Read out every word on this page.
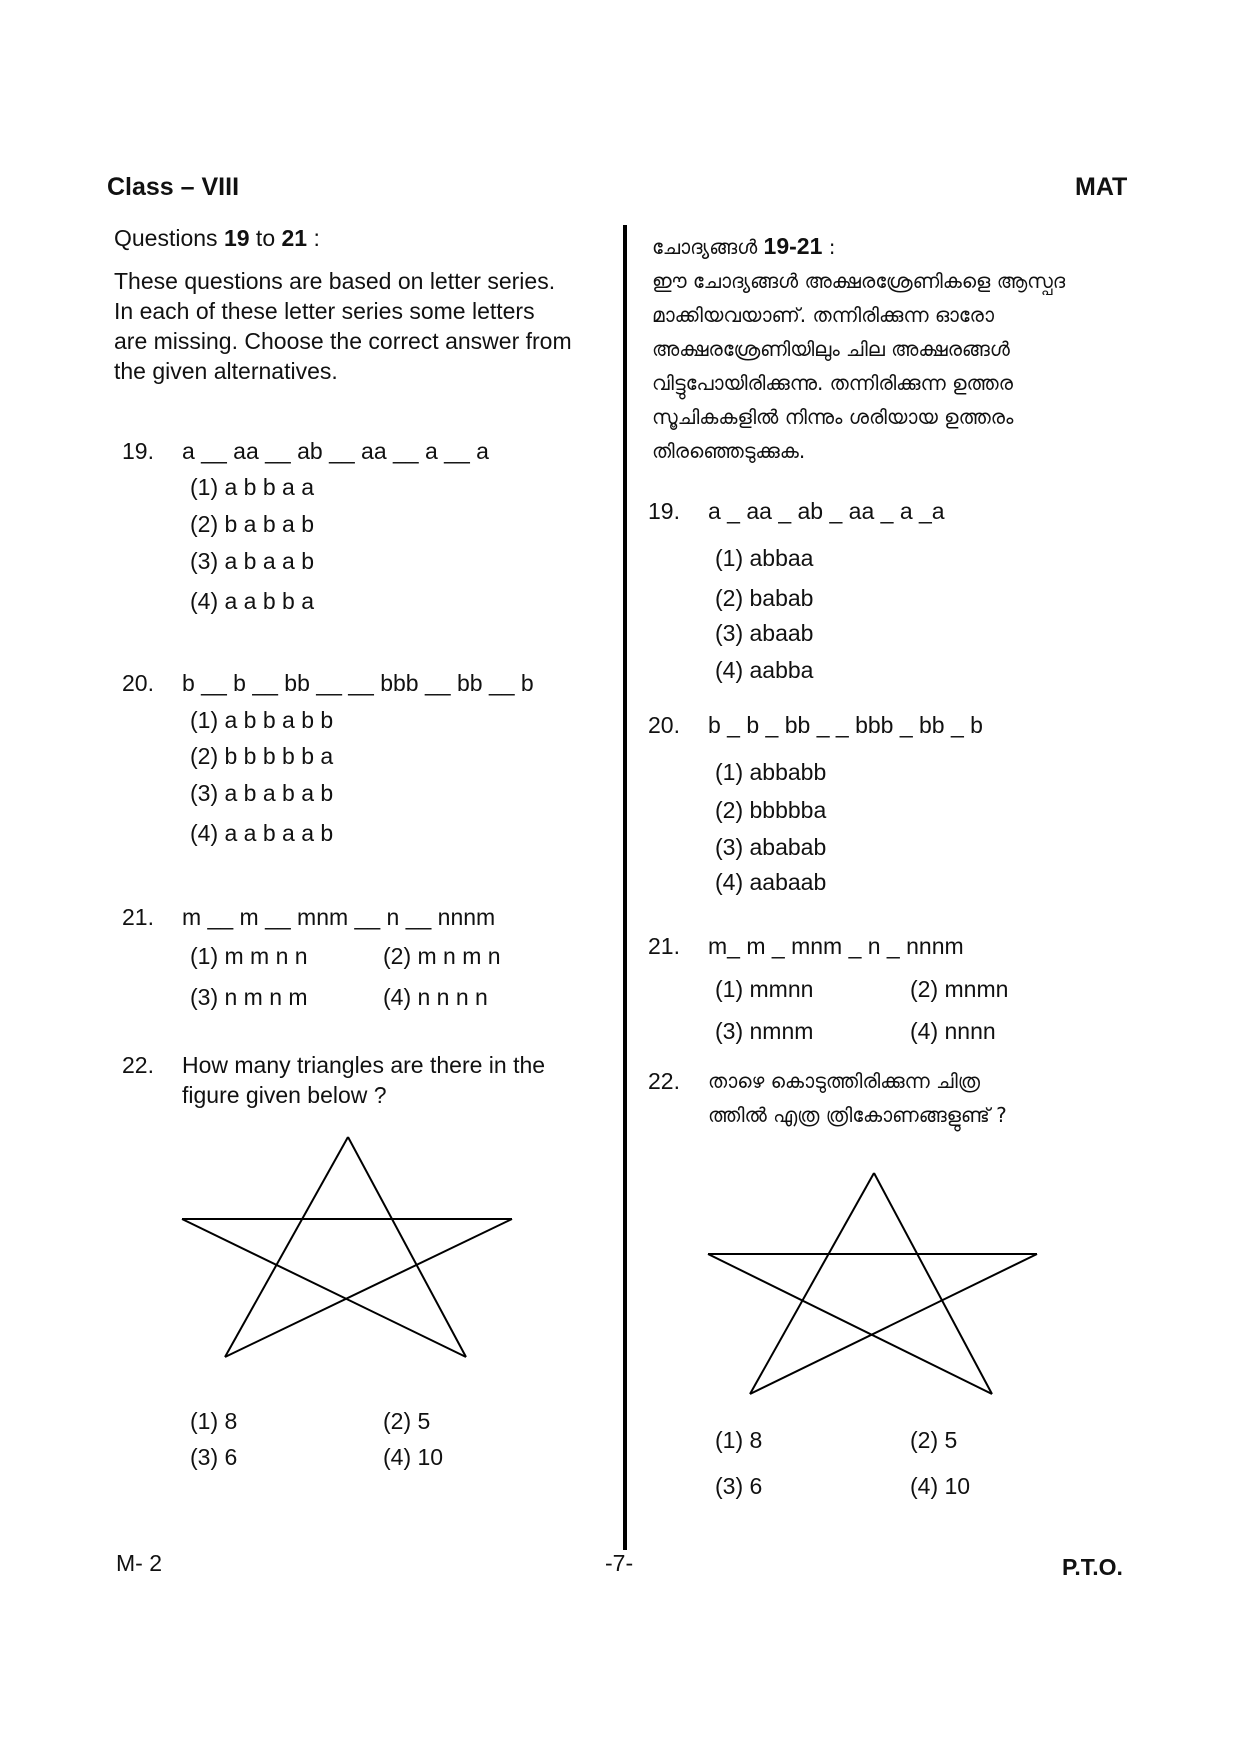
Class – VIII	MAT
Questions 19 to 21 :
These questions are based on letter series.
In each of these letter series some letters
are missing. Choose the correct answer from
the given alternatives.
19. a __ aa __ ab __ aa __ a __ a
(1) a b b a a
(2) b a b a b
(3) a b a a b
(4) a a b b a
20. b __ b __ bb __ __ bbb __ bb __ b
(1) a b b a b b
(2) b b b b b a
(3) a b a b a b
(4) a a b a a b
21. m __ m __ mnm __ n __ nnnm
(1) m m n n	(2) m n m n
(3) n m n m	(4) n n n n
22. How many triangles are there in the
figure given below ?
(1) 8	(2) 5
(3) 6	(4) 10
ചോദ്യങ്ങൾ 19-21 :
ഈ ചോദ്യങ്ങൾ അക്ഷരശ്രേണികളെ ആസ്പദ
മാക്കിയവയാണ്. തന്നിരിക്കുന്ന ഓരോ
അക്ഷരശ്രേണിയിലും ചില അക്ഷരങ്ങൾ
വിട്ടുപോയിരിക്കുന്നു. തന്നിരിക്കുന്ന ഉത്തര
സൂചികകളിൽ നിന്നും ശരിയായ ഉത്തരം
തിരഞ്ഞെടുക്കുക.
19. a _ aa _ ab _ aa _ a _a
(1) abbaa
(2) babab
(3) abaab
(4) aabba
20. b _ b _ bb _ _ bbb _ bb _ b
(1) abbabb
(2) bbbbba
(3) ababab
(4) aabaab
21. m_ m _ mnm _ n _ nnnm
(1) mmnn	(2) mnmn
(3) nmnm	(4) nnnn
22. താഴെ കൊടുത്തിരിക്കുന്ന ചിത്ര
ത്തിൽ എത്ര ത്രികോണങ്ങളുണ്ട് ?
(1) 8	(2) 5
(3) 6	(4) 10
M- 2	-7-	P.T.O.
